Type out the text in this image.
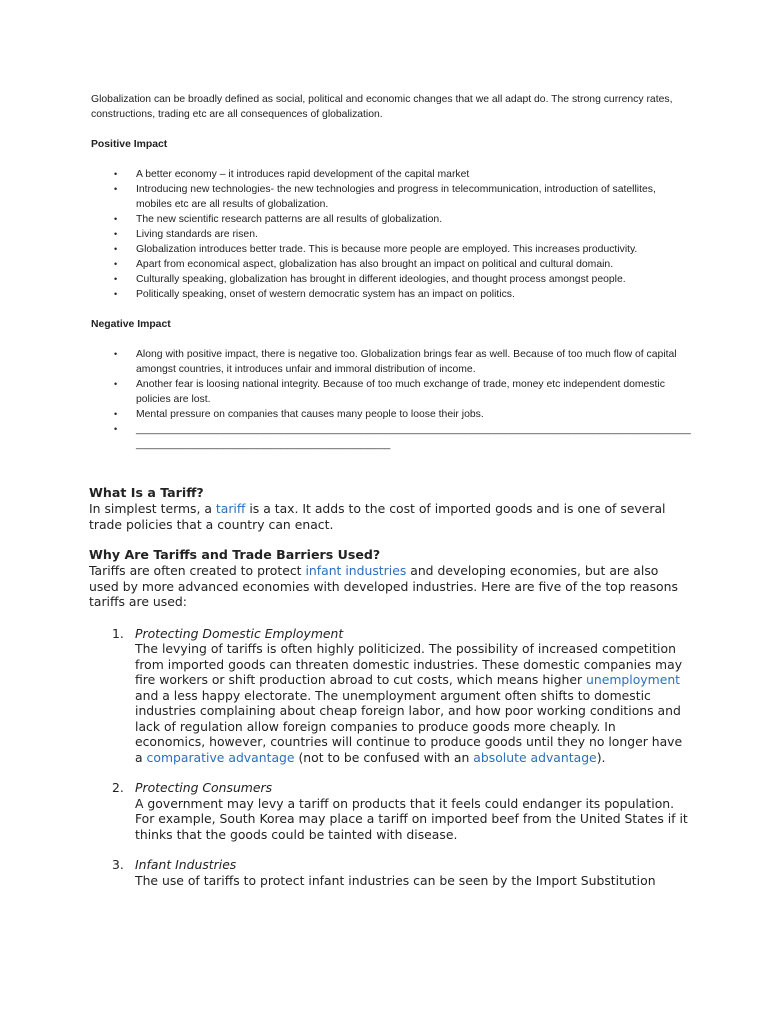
Globalization can be broadly defined as social, political and economic changes that we all adapt do. The strong currency rates, constructions, trading etc are all consequences of globalization.

Positive Impact
• A better economy – it introduces rapid development of the capital market
• Introducing new technologies- the new technologies and progress in telecommunication, introduction of satellites, mobiles etc are all results of globalization.
• The new scientific research patterns are all results of globalization.
• Living standards are risen.
• Globalization introduces better trade. This is because more people are employed. This increases productivity.
• Apart from economical aspect, globalization has also brought an impact on political and cultural domain.
• Culturally speaking, globalization has brought in different ideologies, and thought process amongst people.
• Politically speaking, onset of western democratic system has an impact on politics.
Negative Impact
• Along with positive impact, there is negative too. Globalization brings fear as well. Because of too much flow of capital amongst countries, it introduces unfair and immoral distribution of income.
• Another fear is loosing national integrity. Because of too much exchange of trade, money etc independent domestic policies are lost.
• Mental pressure on companies that causes many people to loose their jobs.
• ____________________________________________________________________________________________________________________________________________
What Is a Tariff?

In simplest terms, a tariff is a tax. It adds to the cost of imported goods and is one of several trade policies that a country can enact.

Why Are Tariffs and Trade Barriers Used?

Tariffs are often created to protect infant industries and developing economies, but are also used by more advanced economies with developed industries. Here are five of the top reasons tariffs are used:

1. Protecting Domestic Employment
The levying of tariffs is often highly politicized. The possibility of increased competition from imported goods can threaten domestic industries. These domestic companies may fire workers or shift production abroad to cut costs, which means higher unemployment and a less happy electorate. The unemployment argument often shifts to domestic industries complaining about cheap foreign labor, and how poor working conditions and lack of regulation allow foreign companies to produce goods more cheaply. In economics, however, countries will continue to produce goods until they no longer have a comparative advantage (not to be confused with an absolute advantage).
2. Protecting Consumers
A government may levy a tariff on products that it feels could endanger its population. For example, South Korea may place a tariff on imported beef from the United States if it thinks that the goods could be tainted with disease.
3. Infant Industries
The use of tariffs to protect infant industries can be seen by the Import Substitution
